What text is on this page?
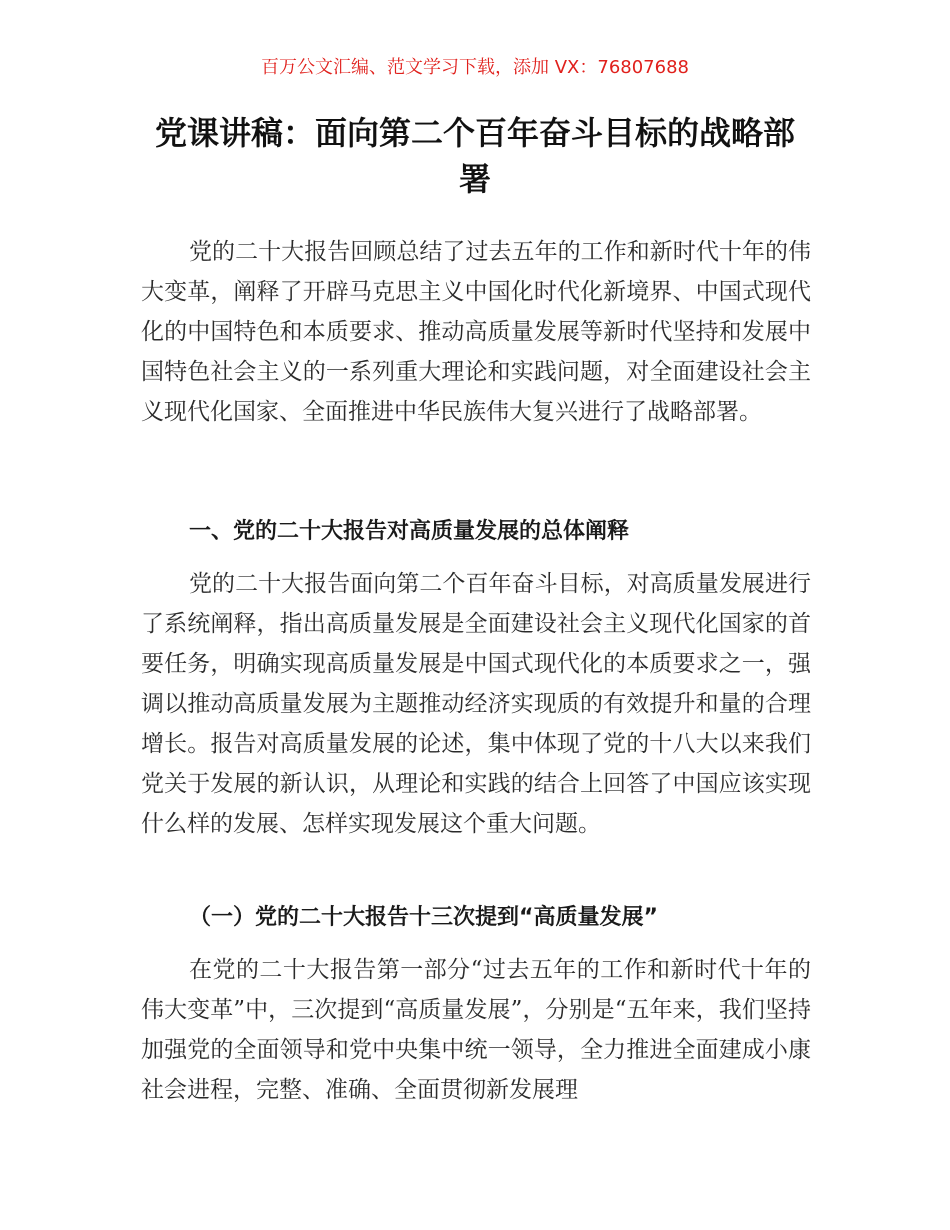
百万公文汇编、范文学习下载，添加 VX：76807688
党课讲稿：面向第二个百年奋斗目标的战略部署

党的二十大报告回顾总结了过去五年的工作和新时代十年的伟大变革，阐释了开辟马克思主义中国化时代化新境界、中国式现代化的中国特色和本质要求、推动高质量发展等新时代坚持和发展中国特色社会主义的一系列重大理论和实践问题，对全面建设社会主义现代化国家、全面推进中华民族伟大复兴进行了战略部署。

一、党的二十大报告对高质量发展的总体阐释

党的二十大报告面向第二个百年奋斗目标，对高质量发展进行了系统阐释，指出高质量发展是全面建设社会主义现代化国家的首要任务，明确实现高质量发展是中国式现代化的本质要求之一，强调以推动高质量发展为主题推动经济实现质的有效提升和量的合理增长。报告对高质量发展的论述，集中体现了党的十八大以来我们党关于发展的新认识，从理论和实践的结合上回答了中国应该实现什么样的发展、怎样实现发展这个重大问题。

（一）党的二十大报告十三次提到“高质量发展”

在党的二十大报告第一部分“过去五年的工作和新时代十年的伟大变革”中，三次提到“高质量发展”，分别是“五年来，我们坚持加强党的全面领导和党中央集中统一领导，全力推进全面建成小康社会进程，完整、准确、全面贯彻新发展理
